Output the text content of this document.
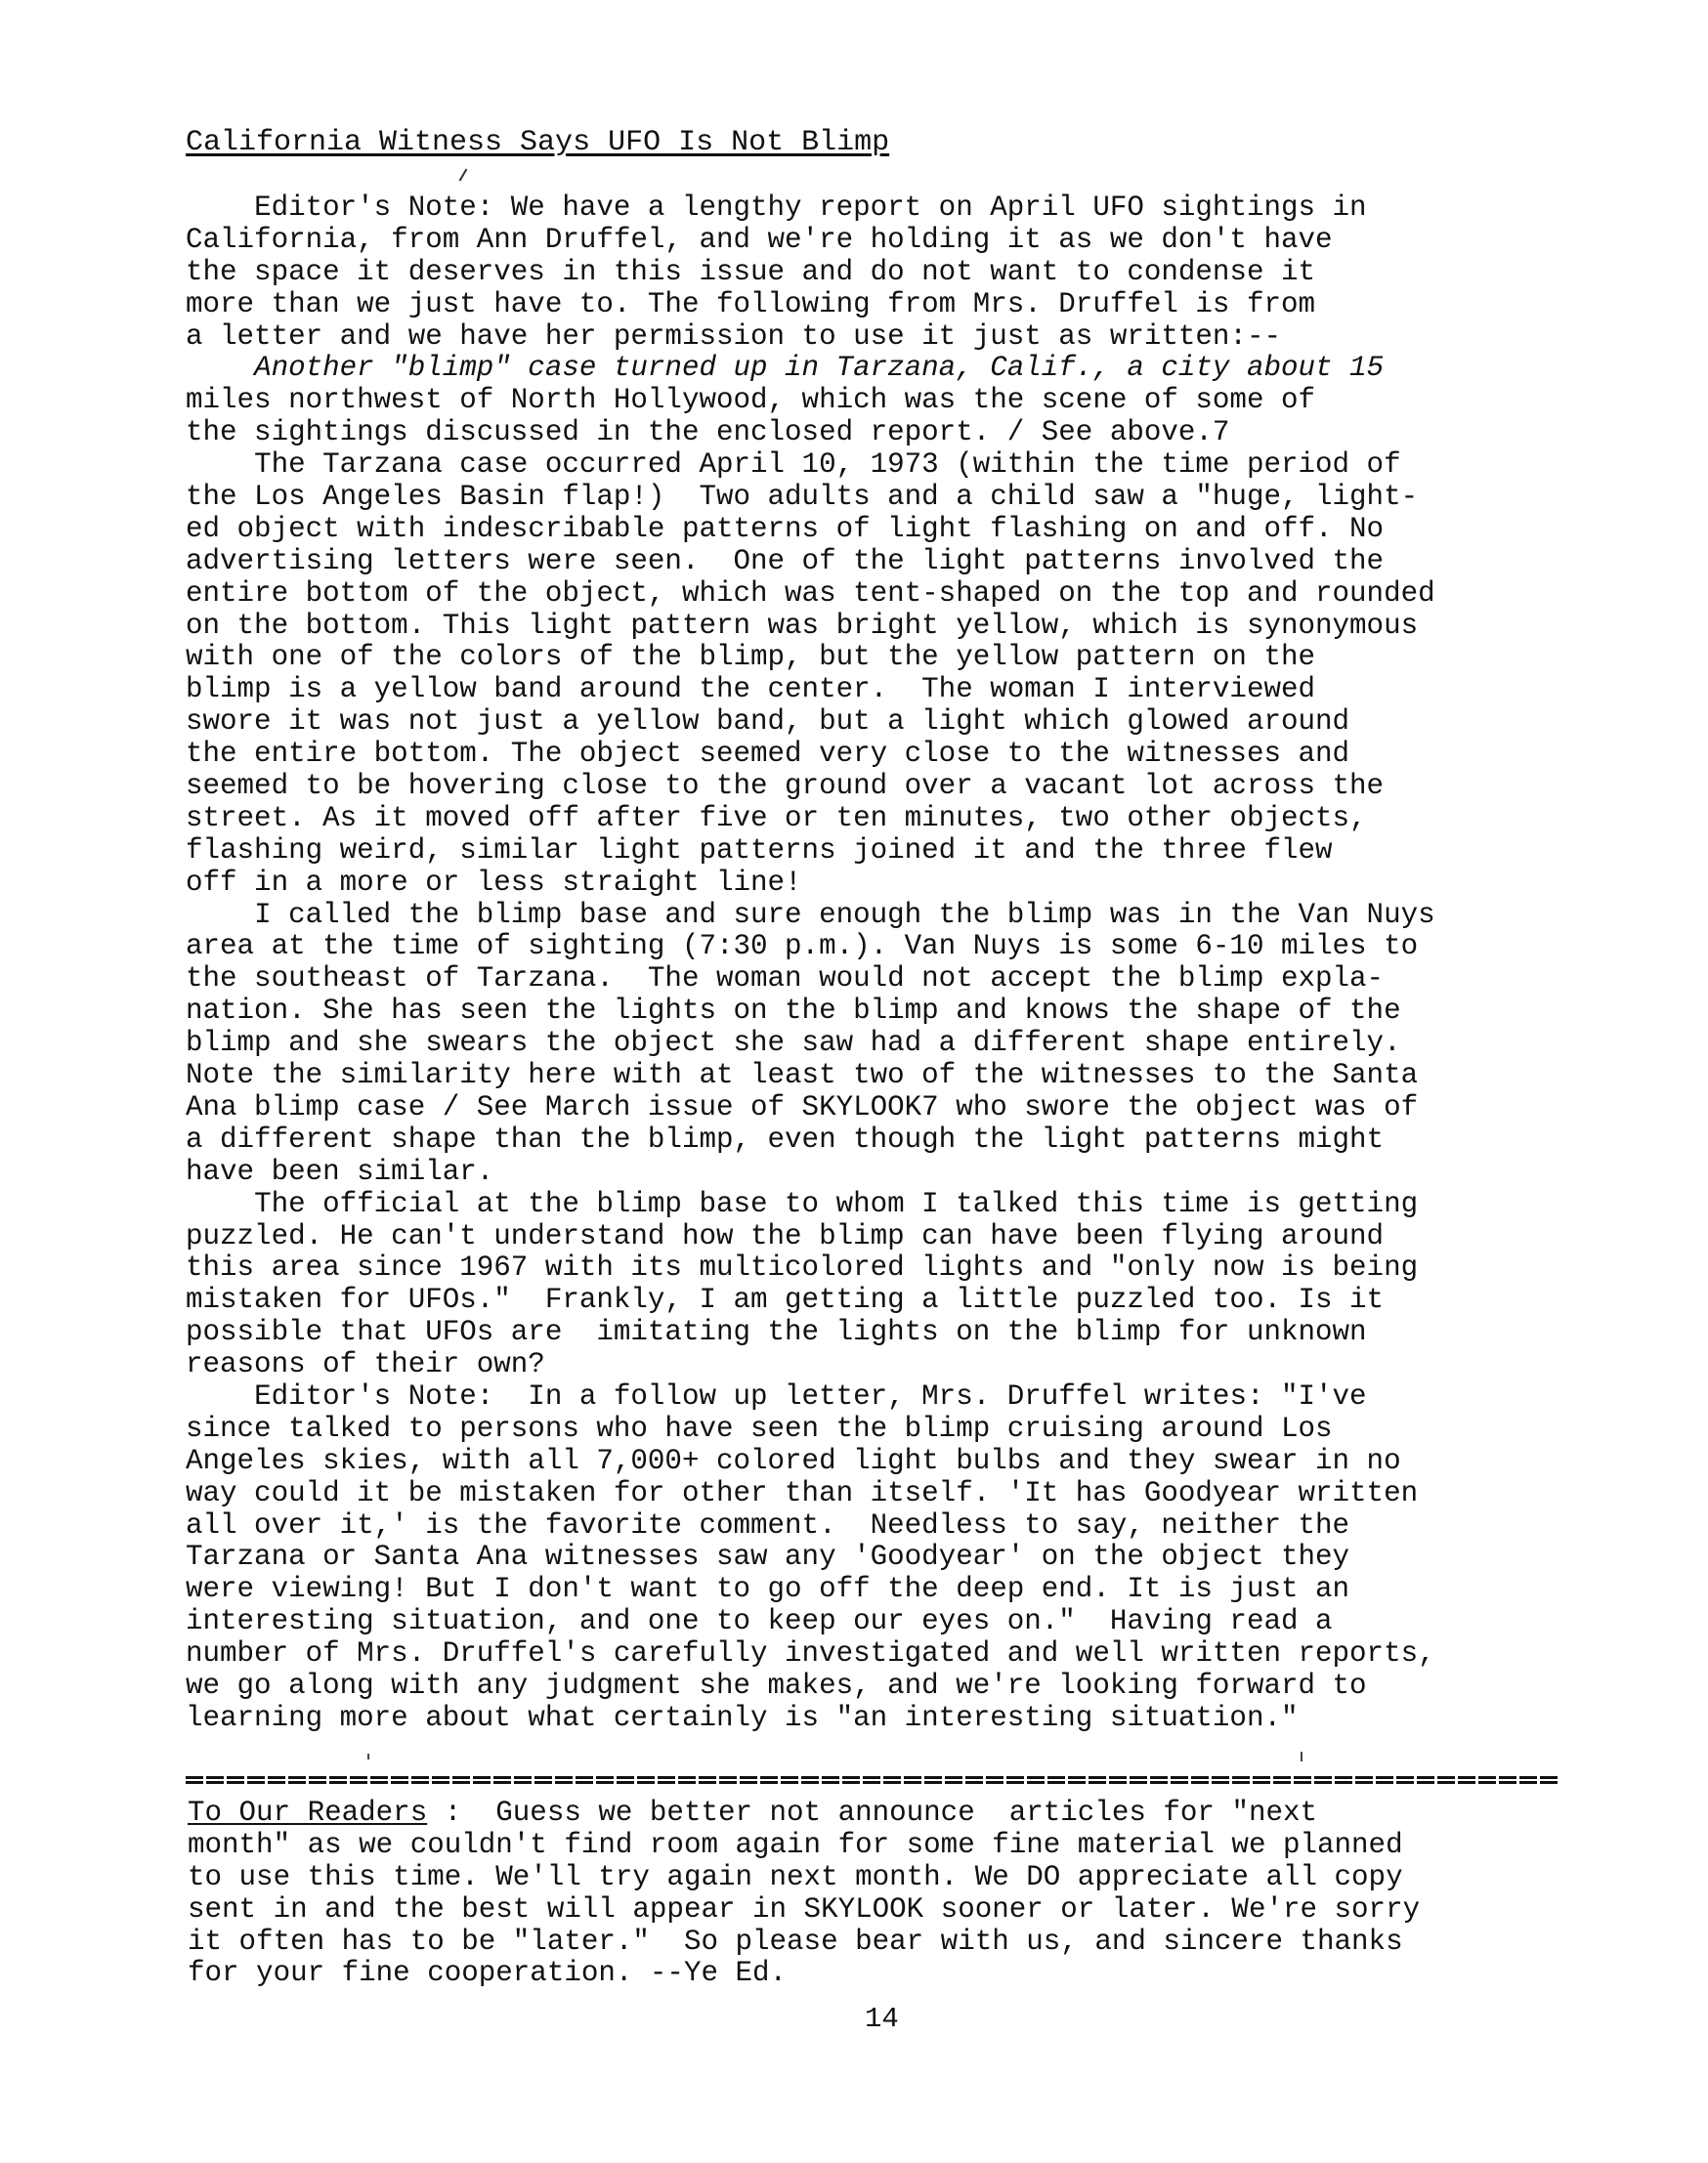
California Witness Says UFO Is Not Blimp
Editor's Note: We have a lengthy report on April UFO sightings in
California, from Ann Druffel, and we're holding it as we don't have
the space it deserves in this issue and do not want to condense it
more than we just have to. The following from Mrs. Druffel is from
a letter and we have her permission to use it just as written:--
Another "blimp" case turned up in Tarzana, Calif., a city about 15
miles northwest of North Hollywood, which was the scene of some of
the sightings discussed in the enclosed report. / See above.7
The Tarzana case occurred April 10, 1973 (within the time period of
the Los Angeles Basin flap!)  Two adults and a child saw a "huge, light-
ed object with indescribable patterns of light flashing on and off. No
advertising letters were seen.  One of the light patterns involved the
entire bottom of the object, which was tent-shaped on the top and rounded
on the bottom. This light pattern was bright yellow, which is synonymous
with one of the colors of the blimp, but the yellow pattern on the
blimp is a yellow band around the center.  The woman I interviewed
swore it was not just a yellow band, but a light which glowed around
the entire bottom. The object seemed very close to the witnesses and
seemed to be hovering close to the ground over a vacant lot across the
street. As it moved off after five or ten minutes, two other objects,
flashing weird, similar light patterns joined it and the three flew
off in a more or less straight line!
I called the blimp base and sure enough the blimp was in the Van Nuys
area at the time of sighting (7:30 p.m.). Van Nuys is some 6-10 miles to
the southeast of Tarzana.  The woman would not accept the blimp expla-
nation. She has seen the lights on the blimp and knows the shape of the
blimp and she swears the object she saw had a different shape entirely.
Note the similarity here with at least two of the witnesses to the Santa
Ana blimp case / See March issue of SKYLOOK7 who swore the object was of
a different shape than the blimp, even though the light patterns might
have been similar.
The official at the blimp base to whom I talked this time is getting
puzzled. He can't understand how the blimp can have been flying around
this area since 1967 with its multicolored lights and "only now is being
mistaken for UFOs."  Frankly, I am getting a little puzzled too. Is it
possible that UFOs are  imitating the lights on the blimp for unknown
reasons of their own?
Editor's Note:  In a follow up letter, Mrs. Druffel writes: "I've
since talked to persons who have seen the blimp cruising around Los
Angeles skies, with all 7,000+ colored light bulbs and they swear in no
way could it be mistaken for other than itself. 'It has Goodyear written
all over it,' is the favorite comment.  Needless to say, neither the
Tarzana or Santa Ana witnesses saw any 'Goodyear' on the object they
were viewing! But I don't want to go off the deep end. It is just an
interesting situation, and one to keep our eyes on."  Having read a
number of Mrs. Druffel's carefully investigated and well written reports,
we go along with any judgment she makes, and we're looking forward to
learning more about what certainly is "an interesting situation."
To Our Readers :  Guess we better not announce  articles for "next
month" as we couldn't find room again for some fine material we planned
to use this time. We'll try again next month. We DO appreciate all copy
sent in and the best will appear in SKYLOOK sooner or later. We're sorry
it often has to be "later."  So please bear with us, and sincere thanks
for your fine cooperation. --Ye Ed.
14
